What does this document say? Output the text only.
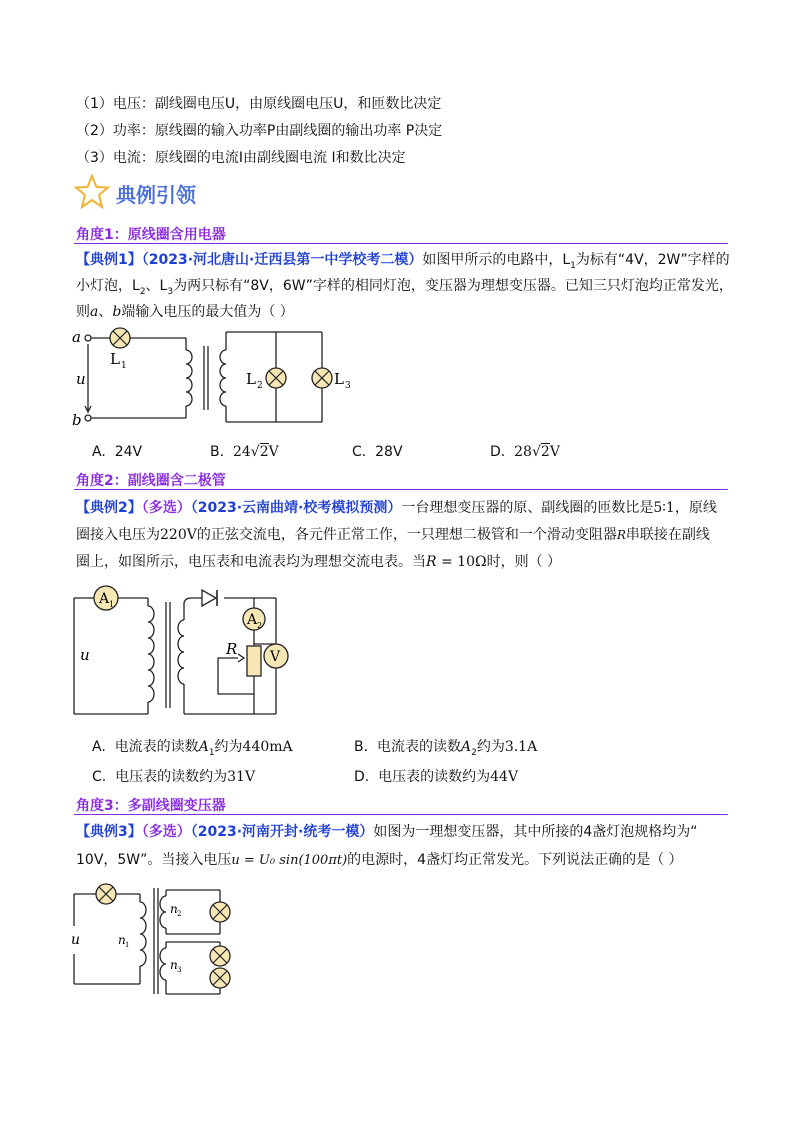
（1）电压：副线圈电压U，由原线圈电压U，和匝数比决定
（2）功率：原线圈的输入功率P由副线圈的输出功率 P决定
（3）电流：原线圈的电流I由副线圈电流 I和数比决定
典例引领
角度1：原线圈含用电器
【典例1】（2023·河北唐山·迁西县第一中学校考二模）如图甲所示的电路中，$L_1$为标有“4V，2W”字样的
小灯泡，$L_2$、$L_3$为两只标有“8V，6W”字样的相同灯泡，变压器为理想变压器。已知三只灯泡均正常发光，
则a、b端输入电压的最大值为（ ）
a
b
u
L 1
L 2	L 3
A. 24V	B. 24√2V	C. 28V	D. 28√2V
角度2：副线圈含二极管
【典例2】（多选）（2023·云南曲靖·校考模拟预测）一台理想变压器的原、副线圈的匝数比是5∶1，原线
圈接入电压为220V的正弦交流电，各元件正常工作，一只理想二极管和一个滑动变阻器R串联接在副线
圈上，如图所示，电压表和电流表均为理想交流电表。当R = 10Ω时，则（ ）
A 1
A 2
V
u	R
A. 电流表的读数$A_1$约为440mA	B. 电流表的读数$A_2$约为3.1A
C. 电压表的读数约为31V	D. 电压表的读数约为44V
角度3：多副线圈变压器
【典例3】（多选）（2023·河南开封·统考一模）如图为一理想变压器，其中所接的4盏灯泡规格均为“
10V，5W”。当接入电压u = U₀ sin(100πt)的电源时，4盏灯均正常发光。下列说法正确的是（ ）
u	n 1
n 2
n 3
